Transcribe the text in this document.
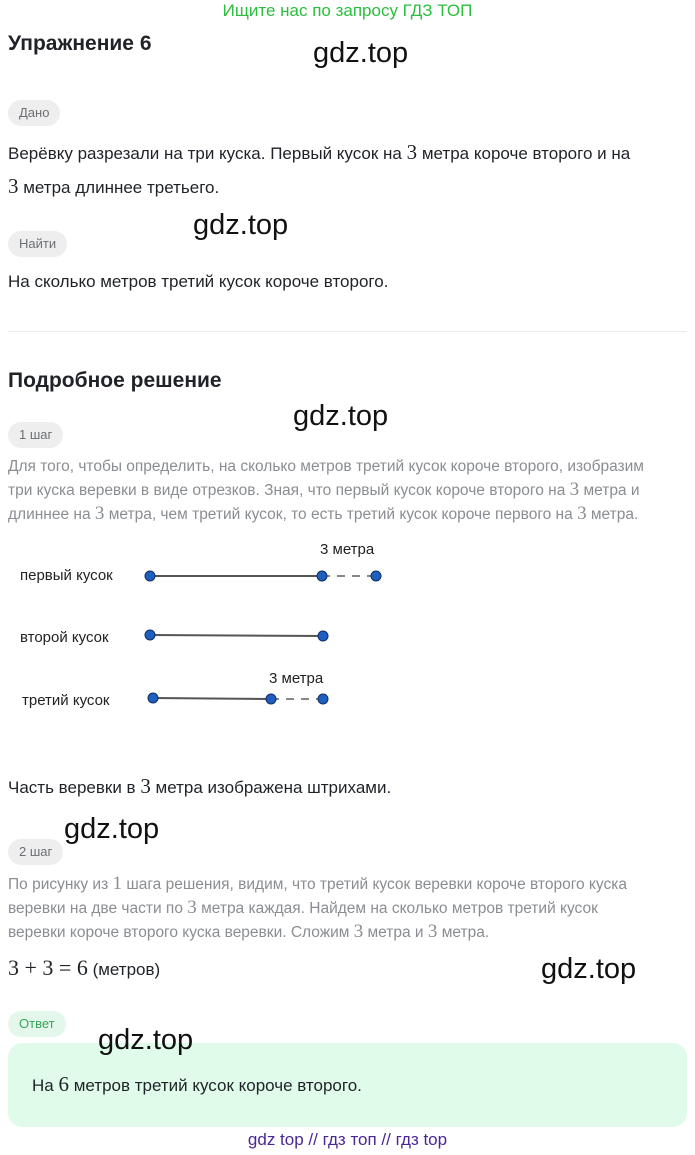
Ищите нас по запросу ГДЗ ТОП
Упражнение 6	gdz.top
Дано
Верёвку разрезали на три куска. Первый кусок на 3 метра короче второго и на
3 метра длиннее третьего.
gdz.top
Найти
На сколько метров третий кусок короче второго.
Подробное решение
gdz.top
1 шаг
Для того, чтобы определить, на сколько метров третий кусок короче второго, изобразим
три куска веревки в виде отрезков. Зная, что первый кусок короче второго на 3 метра и
длиннее на 3 метра, чем третий кусок, то есть третий кусок короче первого на 3 метра.
первый кусок
второй кусок
третий кусок
3 метра
3 метра
Часть веревки в 3 метра изображена штрихами.
gdz.top
2 шаг
По рисунку из 1 шага решения, видим, что третий кусок веревки короче второго куска
веревки на две части по 3 метра каждая. Найдем на сколько метров третий кусок
веревки короче второго куска веревки. Сложим 3 метра и 3 метра.
3 + 3 = 6 (метров)	gdz.top
Ответ
gdz.top
На 6 метров третий кусок короче второго.
gdz top // гдз топ // гдз top
